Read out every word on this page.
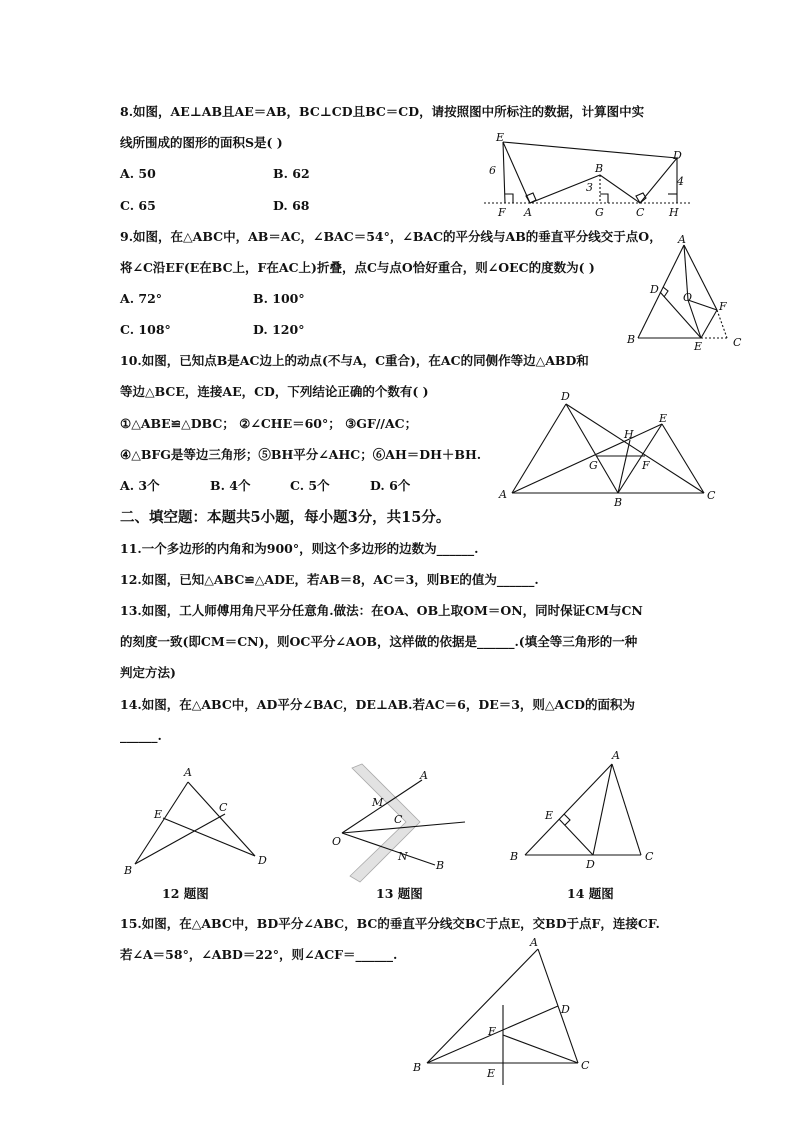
8.如图，AE⊥AB且AE＝AB，BC⊥CD且BC＝CD，请按照图中所标注的数据，计算图中实
线所围成的图形的面积S是( )
A. 50	B. 62
C. 65	D. 68
E
D
B
F A	G	C H
6
3	4
9.如图，在△ABC中，AB＝AC，∠BAC＝54°，∠BAC的平分线与AB的垂直平分线交于点O，
将∠C沿EF(E在BC上，F在AC上)折叠，点C与点O恰好重合，则∠OEC的度数为( )
A. 72°	B. 100°
C. 108°	D. 120°
A
D
O
F
B
E	C
10.如图，已知点B是AC边上的动点(不与A，C重合)，在AC的同侧作等边△ABD和
等边△BCE，连接AE，CD，下列结论正确的个数有( )
①△ABE≌△DBC； ②∠CHE＝60°； ③GF//AC；
④△BFG是等边三角形；⑤BH平分∠AHC；⑥AH＝DH＋BH.
A. 3个	B. 4个	C. 5个	D. 6个
D
E
H
G	F
A
B
C
二、填空题：本题共5小题，每小题3分，共15分。
11.一个多边形的内角和为900°，则这个多边形的边数为______.
12.如图，已知△ABC≌△ADE，若AB＝8，AC＝3，则BE的值为______.
13.如图，工人师傅用角尺平分任意角.做法：在OA、OB上取OM＝ON，同时保证CM与CN
的刻度一致(即CM＝CN)，则OC平分∠AOB，这样做的依据是______.(填全等三角形的一种
判定方法)
14.如图，在△ABC中，AD平分∠BAC，DE⊥AB.若AC＝6，DE＝3，则△ACD的面积为
______.
A
E
C
B
D
12 题图
A
M
C
O
N
B
13 题图
A
E
B
D
C
14 题图
15.如图，在△ABC中，BD平分∠ABC，BC的垂直平分线交BC于点E，交BD于点F，连接CF.
若∠A＝58°，∠ABD＝22°，则∠ACF＝______.
A
D
F
B	E
C
